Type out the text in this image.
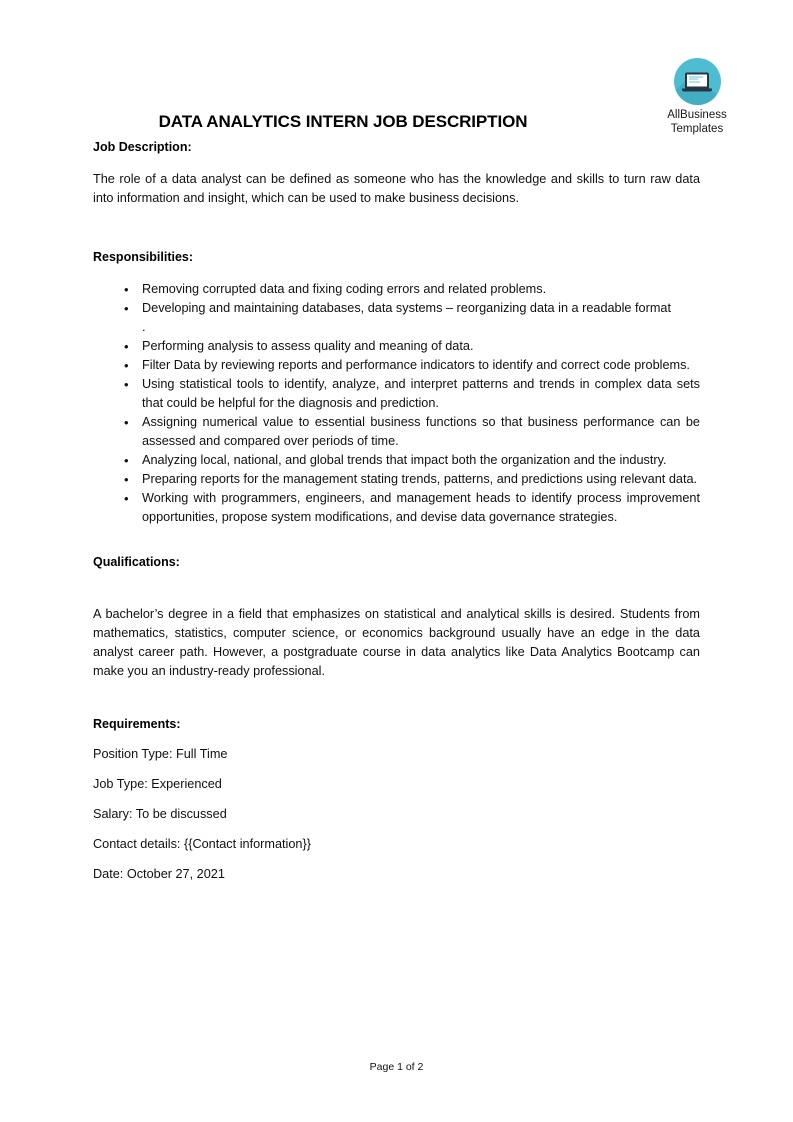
AllBusiness
Templates
DATA ANALYTICS INTERN JOB DESCRIPTION
Job Description:
The role of a data analyst can be defined as someone who has the knowledge and skills to turn raw data into information and insight, which can be used to make business decisions.
Responsibilities:
• Removing corrupted data and fixing coding errors and related problems.
• Developing and maintaining databases, data systems – reorganizing data in a readable format
.
• Performing analysis to assess quality and meaning of data.
• Filter Data by reviewing reports and performance indicators to identify and correct code problems.
• Using statistical tools to identify, analyze, and interpret patterns and trends in complex data sets that could be helpful for the diagnosis and prediction.
• Assigning numerical value to essential business functions so that business performance can be assessed and compared over periods of time.
• Analyzing local, national, and global trends that impact both the organization and the industry.
• Preparing reports for the management stating trends, patterns, and predictions using relevant data.
• Working with programmers, engineers, and management heads to identify process improvement opportunities, propose system modifications, and devise data governance strategies.
Qualifications:
A bachelor’s degree in a field that emphasizes on statistical and analytical skills is desired. Students from mathematics, statistics, computer science, or economics background usually have an edge in the data analyst career path. However, a postgraduate course in data analytics like Data Analytics Bootcamp can make you an industry-ready professional.
Requirements:
Position Type: Full Time
Job Type: Experienced
Salary: To be discussed
Contact details: {{Contact information}}
Date: October 27, 2021
Page 1 of 2
